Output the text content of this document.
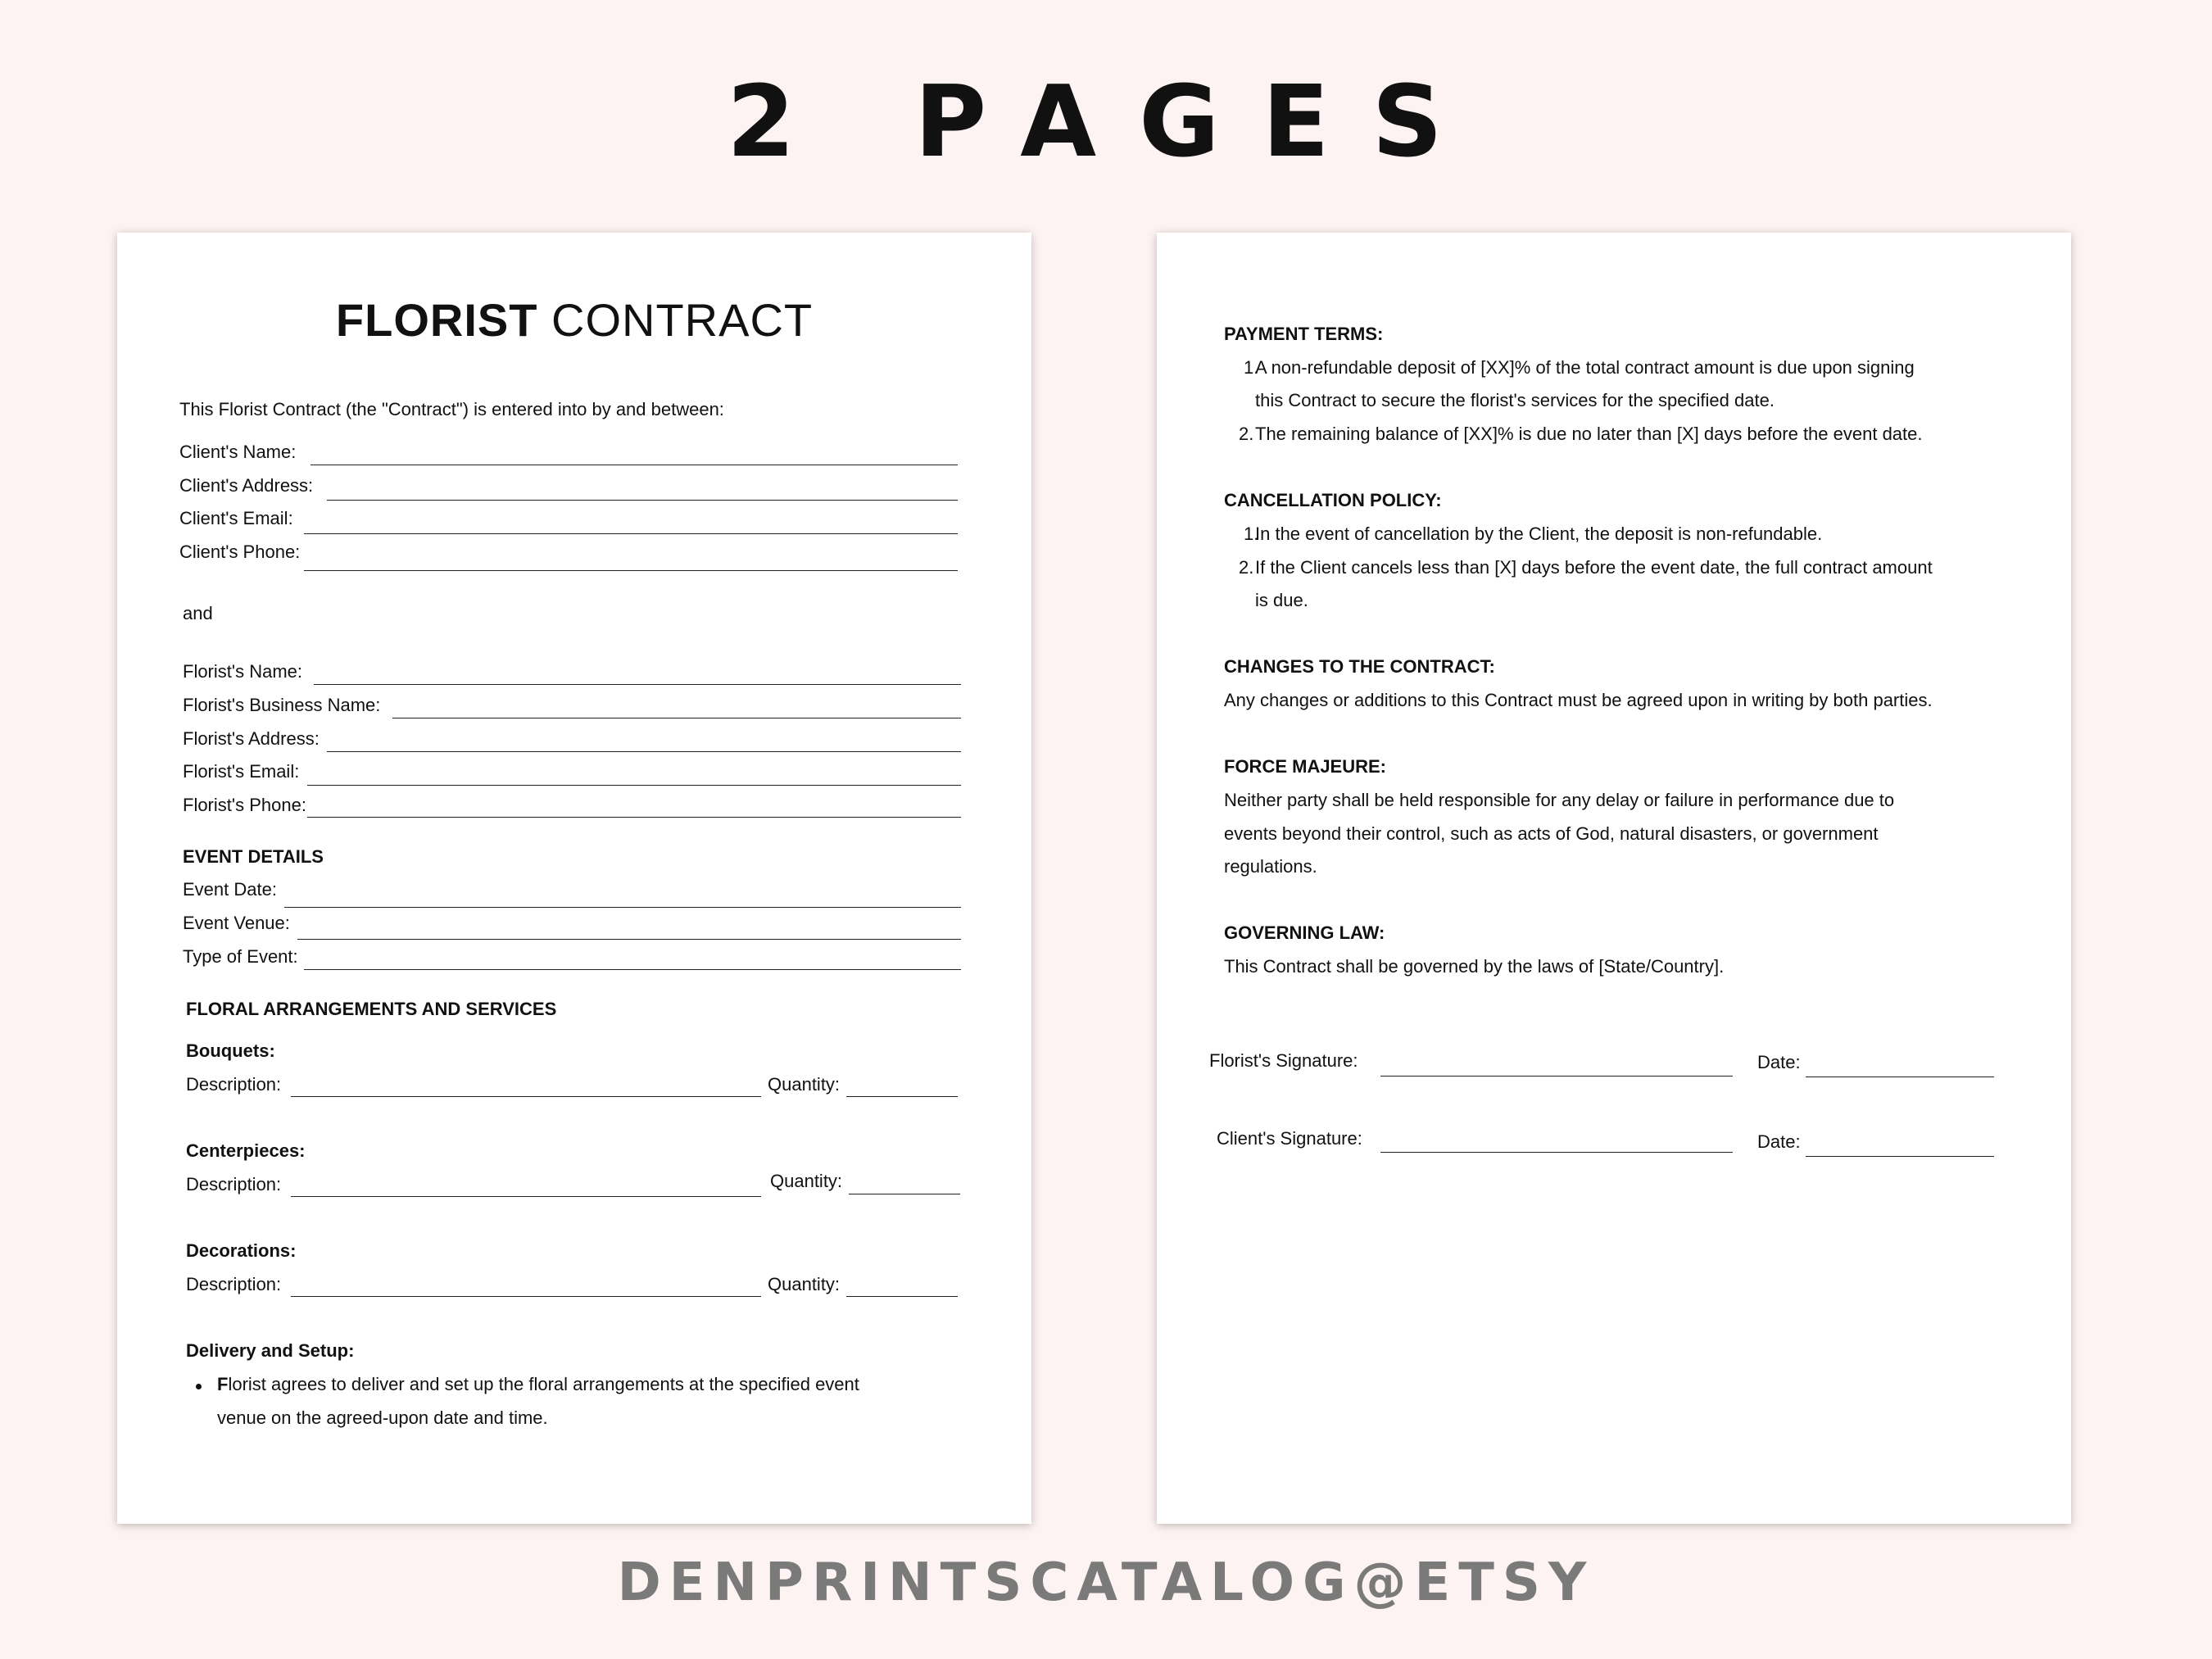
2 PAGES
FLORIST CONTRACT
This Florist Contract (the "Contract") is entered into by and between:
Client's Name:
Client's Address:
Client's Email:
Client's Phone:
and
Florist's Name:
Florist's Business Name:
Florist's Address:
Florist's Email:
Florist's Phone:
EVENT DETAILS
Event Date:
Event Venue:
Type of Event:
FLORAL ARRANGEMENTS AND SERVICES
Bouquets:
Description:	Quantity:
Centerpieces:
Description:	Quantity:
Decorations:
Description:	Quantity:
Delivery and Setup:
Florist agrees to deliver and set up the floral arrangements at the specified event
venue on the agreed-upon date and time.
PAYMENT TERMS:
1.
A non-refundable deposit of [XX]% of the total contract amount is due upon signing
this Contract to secure the florist's services for the specified date.
2. The remaining balance of [XX]% is due no later than [X] days before the event date.
CANCELLATION POLICY:
1.
In the event of cancellation by the Client, the deposit is non-refundable.
2. If the Client cancels less than [X] days before the event date, the full contract amount
is due.
CHANGES TO THE CONTRACT:
Any changes or additions to this Contract must be agreed upon in writing by both parties.
FORCE MAJEURE:
Neither party shall be held responsible for any delay or failure in performance due to
events beyond their control, such as acts of God, natural disasters, or government
regulations.
GOVERNING LAW:
This Contract shall be governed by the laws of [State/Country].
Florist's Signature:	Date:
Client's Signature:	Date:
DENPRINTSCATALOG@ETSY
